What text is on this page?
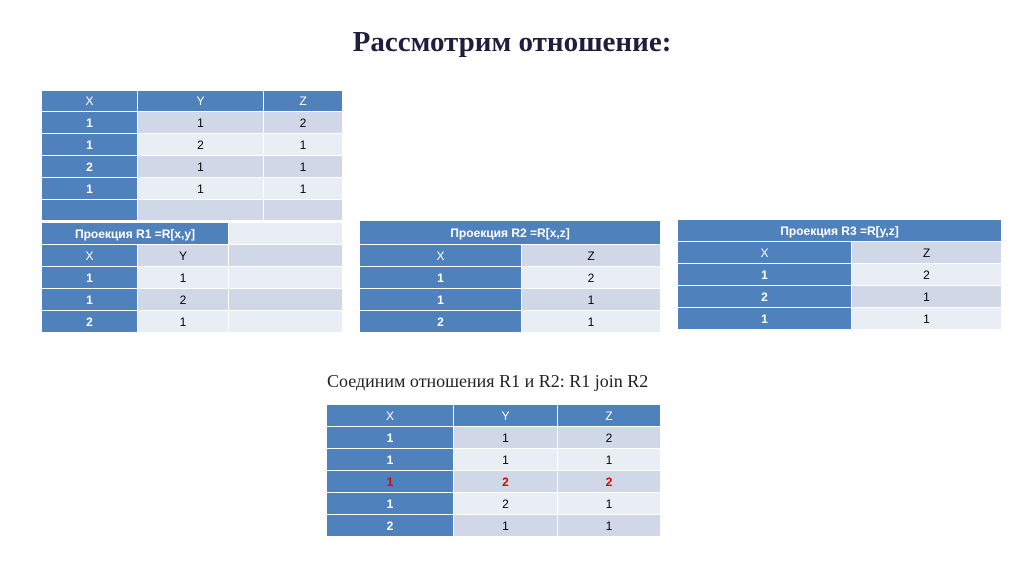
Рассмотрим отношение:
X	Y	Z
1	1	2
1	2	1
2	1	1
1	1	1

Проекция R1 =R[x,y]		
X	Y	
1	1	
1	2	
2	1	
Проекция R2 =R[x,z]	
X	Z
1	2
1	1
2	1
Проекция R3 =R[y,z]	
X	Z
1	2
2	1
1	1
Соединим отношения R1 и R2: R1 join R2
X	Y	Z
1	1	2
1	1	1
1	2	2
1	2	1
2	1	1
